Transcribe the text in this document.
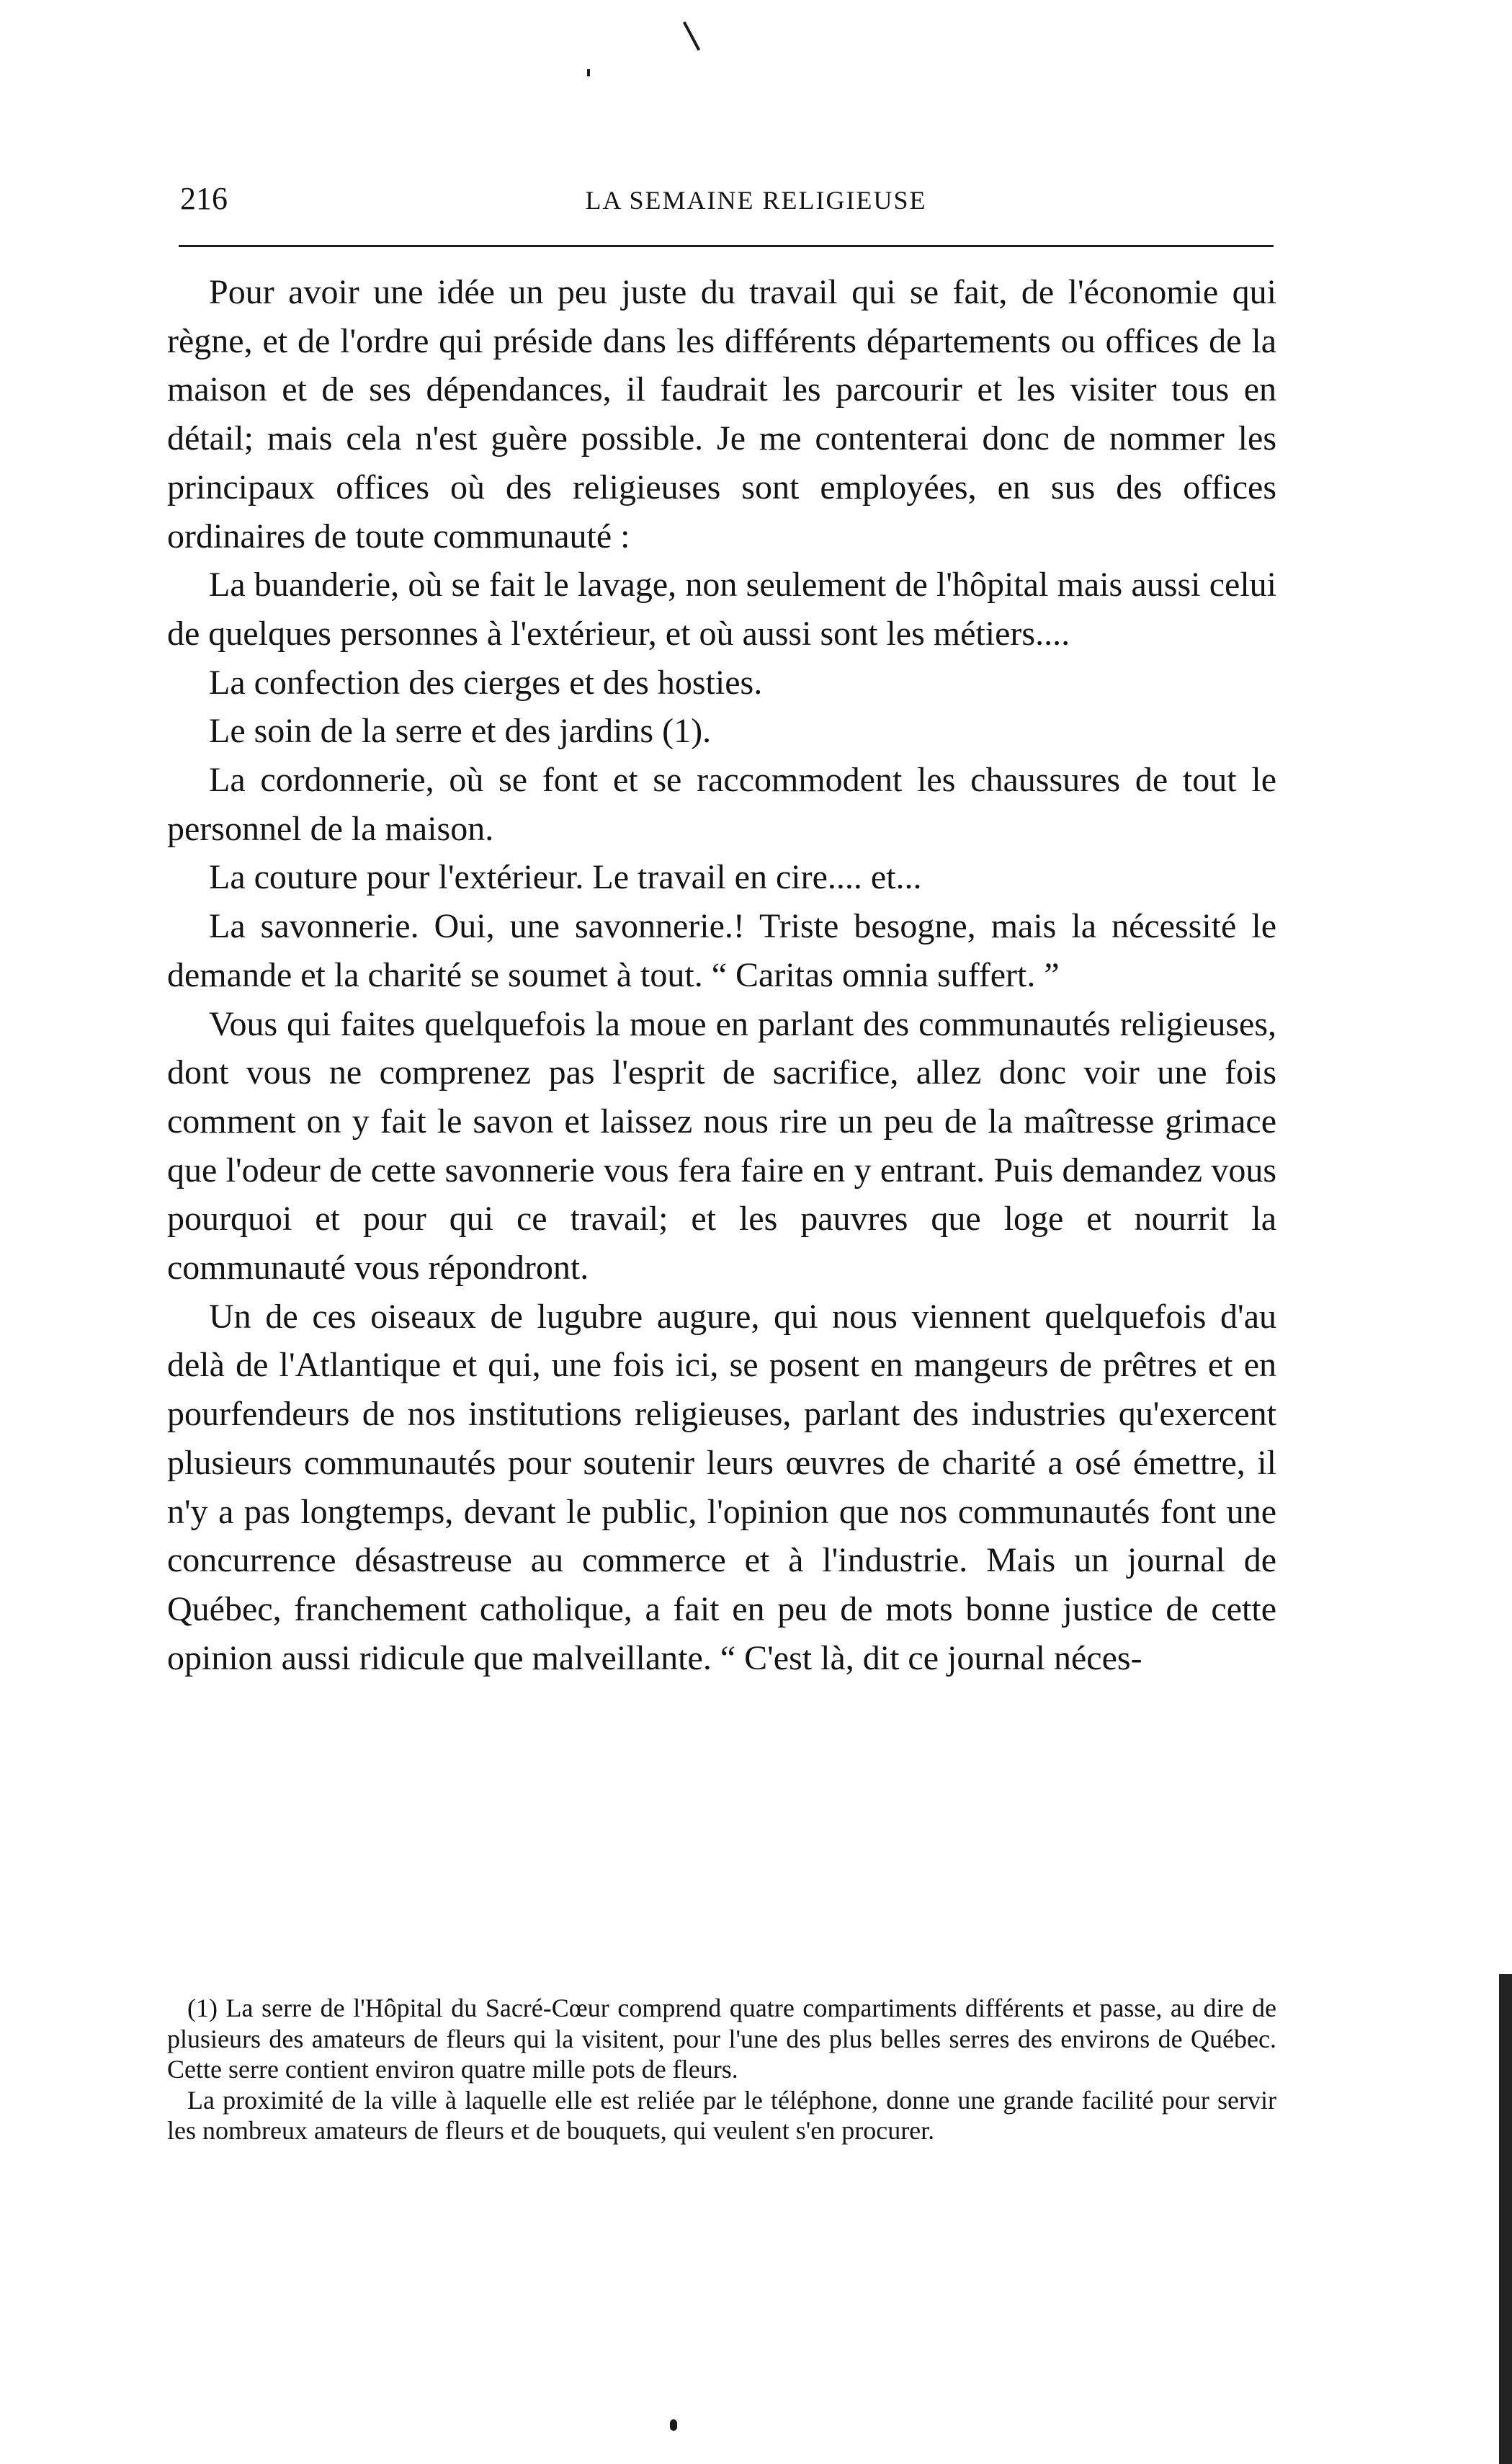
216	LA SEMAINE RELIGIEUSE

Pour avoir une idée un peu juste du travail qui se fait, de l'économie qui règne, et de l'ordre qui préside dans les différents départements ou offices de la maison et de ses dépendances, il faudrait les parcourir et les visiter tous en détail; mais cela n'est guère possible. Je me contenterai donc de nommer les principaux offices où des religieuses sont employées, en sus des offices ordinaires de toute communauté :

La buanderie, où se fait le lavage, non seulement de l'hôpital mais aussi celui de quelques personnes à l'extérieur, et où aussi sont les métiers....

La confection des cierges et des hosties.

Le soin de la serre et des jardins (1).

La cordonnerie, où se font et se raccommodent les chaussures de tout le personnel de la maison.

La couture pour l'extérieur. Le travail en cire.... et...

La savonnerie. Oui, une savonnerie.! Triste besogne, mais la nécessité le demande et la charité se soumet à tout. “ Caritas omnia suffert. ”

Vous qui faites quelquefois la moue en parlant des communautés religieuses, dont vous ne comprenez pas l'esprit de sacrifice, allez donc voir une fois comment on y fait le savon et laissez nous rire un peu de la maîtresse grimace que l'odeur de cette savonnerie vous fera faire en y entrant. Puis demandez vous pourquoi et pour qui ce travail; et les pauvres que loge et nourrit la communauté vous répondront.

Un de ces oiseaux de lugubre augure, qui nous viennent quelquefois d'au delà de l'Atlantique et qui, une fois ici, se posent en mangeurs de prêtres et en pourfendeurs de nos institutions religieuses, parlant des industries qu'exercent plusieurs communautés pour soutenir leurs œuvres de charité a osé émettre, il n'y a pas longtemps, devant le public, l'opinion que nos communautés font une concurrence désastreuse au commerce et à l'industrie. Mais un journal de Québec, franchement catholique, a fait en peu de mots bonne justice de cette opinion aussi ridicule que malveillante. “ C'est là, dit ce journal néces-

(1) La serre de l'Hôpital du Sacré-Cœur comprend quatre compartiments différents et passe, au dire de plusieurs des amateurs de fleurs qui la visitent, pour l'une des plus belles serres des environs de Québec. Cette serre contient environ quatre mille pots de fleurs.

La proximité de la ville à laquelle elle est reliée par le téléphone, donne une grande facilité pour servir les nombreux amateurs de fleurs et de bouquets, qui veulent s'en procurer.
